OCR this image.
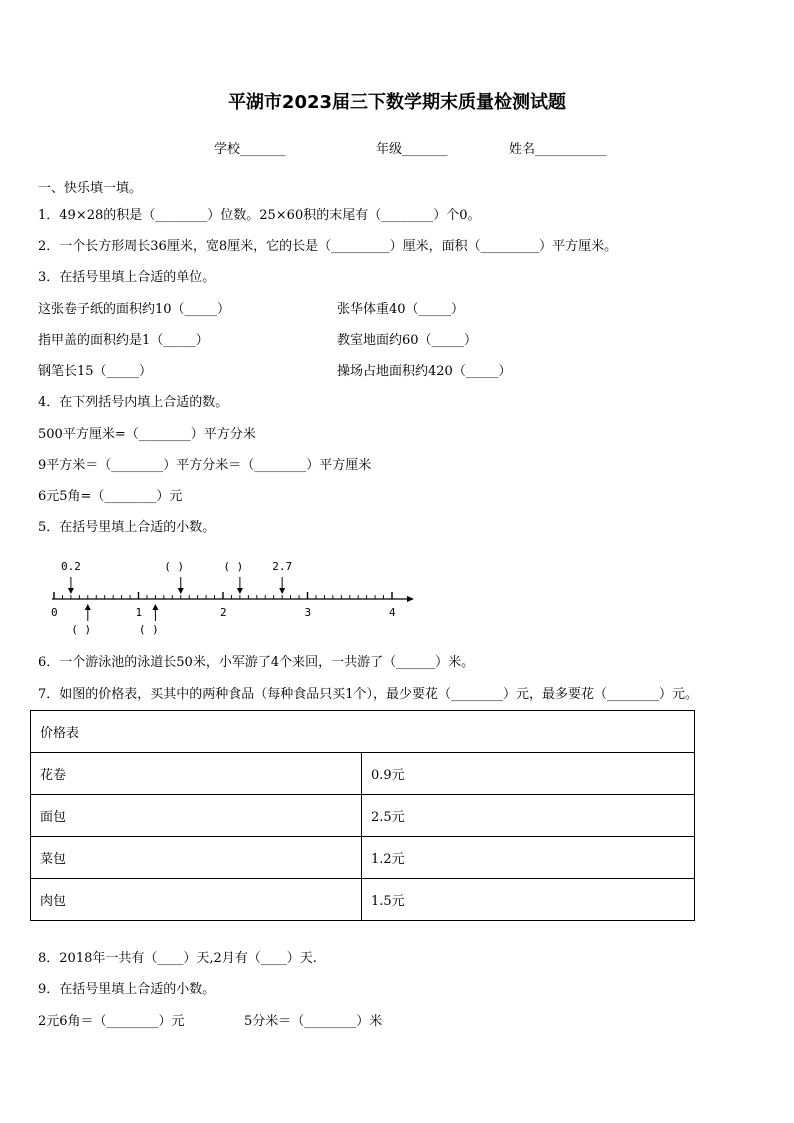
平湖市2023届三下数学期末质量检测试题
学校_______	年级_______	姓名___________
一、快乐填一填。
1．49×28的积是（________）位数。25×60积的末尾有（________）个0。
2．一个长方形周长36厘米，宽8厘米，它的长是（_________）厘米，面积（_________）平方厘米。
3．在括号里填上合适的单位。
这张卷子纸的面积约10（_____）	张华体重40（_____）
指甲盖的面积约是1（_____）	教室地面约60（_____）
钢笔长15（_____）	操场占地面积约420（_____）
4．在下列括号内填上合适的数。
500平方厘米=（________）平方分米
9平方米＝（________）平方分米＝（________）平方厘米
6元5角=（________）元
5．在括号里填上合适的小数。
0	1	2	3	4
0.2	( )	( )	2.7
( )	( )
6．一个游泳池的泳道长50米，小军游了4个来回，一共游了（______）米。
7．如图的价格表，买其中的两种食品（每种食品只买1个），最少要花（________）元，最多要花（________）元。
价格表	
花卷	0.9元
面包	2.5元
菜包	1.2元
肉包	1.5元
8．2018年一共有（____）天,2月有（____）天.
9．在括号里填上合适的小数。
2元6角＝（________）元	5分米＝（________）米
